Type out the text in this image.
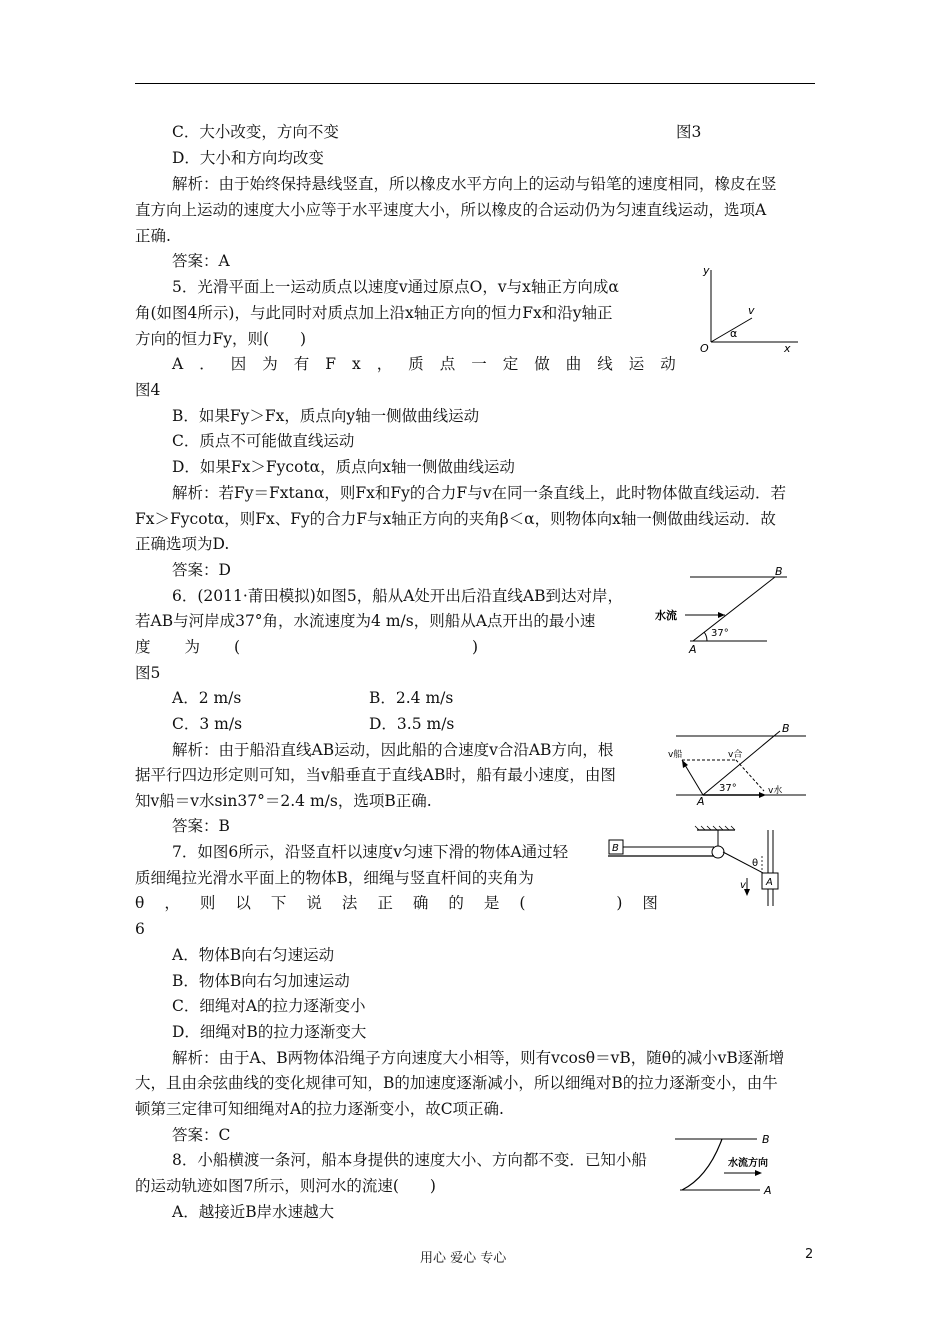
C．大小改变，方向不变	图3
D．大小和方向均改变
解析：由于始终保持悬线竖直，所以橡皮水平方向上的运动与铅笔的速度相同，橡皮在竖
直方向上运动的速度大小应等于水平速度大小，所以橡皮的合运动仍为匀速直线运动，选项A
正确.
答案：A
5．光滑平面上一运动质点以速度v通过原点O，v与x轴正方向成α
角(如图4所示)，与此同时对质点加上沿x轴正方向的恒力Fx和沿y轴正
方向的恒力Fy，则(　　)
A．因为有Fx，质点一定做曲线运动
图4
B．如果Fy＞Fx，质点向y轴一侧做曲线运动
C．质点不可能做直线运动
D．如果Fx＞Fycotα，质点向x轴一侧做曲线运动
解析：若Fy＝Fxtanα，则Fx和Fy的合力F与v在同一条直线上，此时物体做直线运动．若
Fx＞Fycotα，则Fx、Fy的合力F与x轴正方向的夹角β＜α，则物体向x轴一侧做曲线运动．故
正确选项为D.
答案：D
6．(2011·莆田模拟)如图5，船从A处开出后沿直线AB到达对岸，
若AB与河岸成37°角，水流速度为4 m/s，则船从A点开出的最小速
度为(　　　　)
图5
A．2 m/s	B．2.4 m/s
C．3 m/s	D．3.5 m/s
解析：由于船沿直线AB运动，因此船的合速度v合沿AB方向，根
据平行四边形定则可知，当v船垂直于直线AB时，船有最小速度，由图
知v船＝v水sin37°＝2.4 m/s，选项B正确.
答案：B
7．如图6所示，沿竖直杆以速度v匀速下滑的物体A通过轻
质细绳拉光滑水平面上的物体B，细绳与竖直杆间的夹角为
θ，则以下说法正确的是(　　)图
6
A．物体B向右匀速运动
B．物体B向右匀加速运动
C．细绳对A的拉力逐渐变小
D．细绳对B的拉力逐渐变大
解析：由于A、B两物体沿绳子方向速度大小相等，则有vcosθ＝vB，随θ的减小vB逐渐增
大，且由余弦曲线的变化规律可知，B的加速度逐渐减小，所以细绳对B的拉力逐渐变小，由牛
顿第三定律可知细绳对A的拉力逐渐变小，故C项正确.
答案：C
8．小船横渡一条河，船本身提供的速度大小、方向都不变．已知小船
的运动轨迹如图7所示，则河水的流速(　　)
A．越接近B岸水速越大
y
v
α
O	x
B
A
水流
37°
B
A
v船	v合
37°	v水
B
A
θ
v
B
A
水流方向
用心 爱心 专心	2
